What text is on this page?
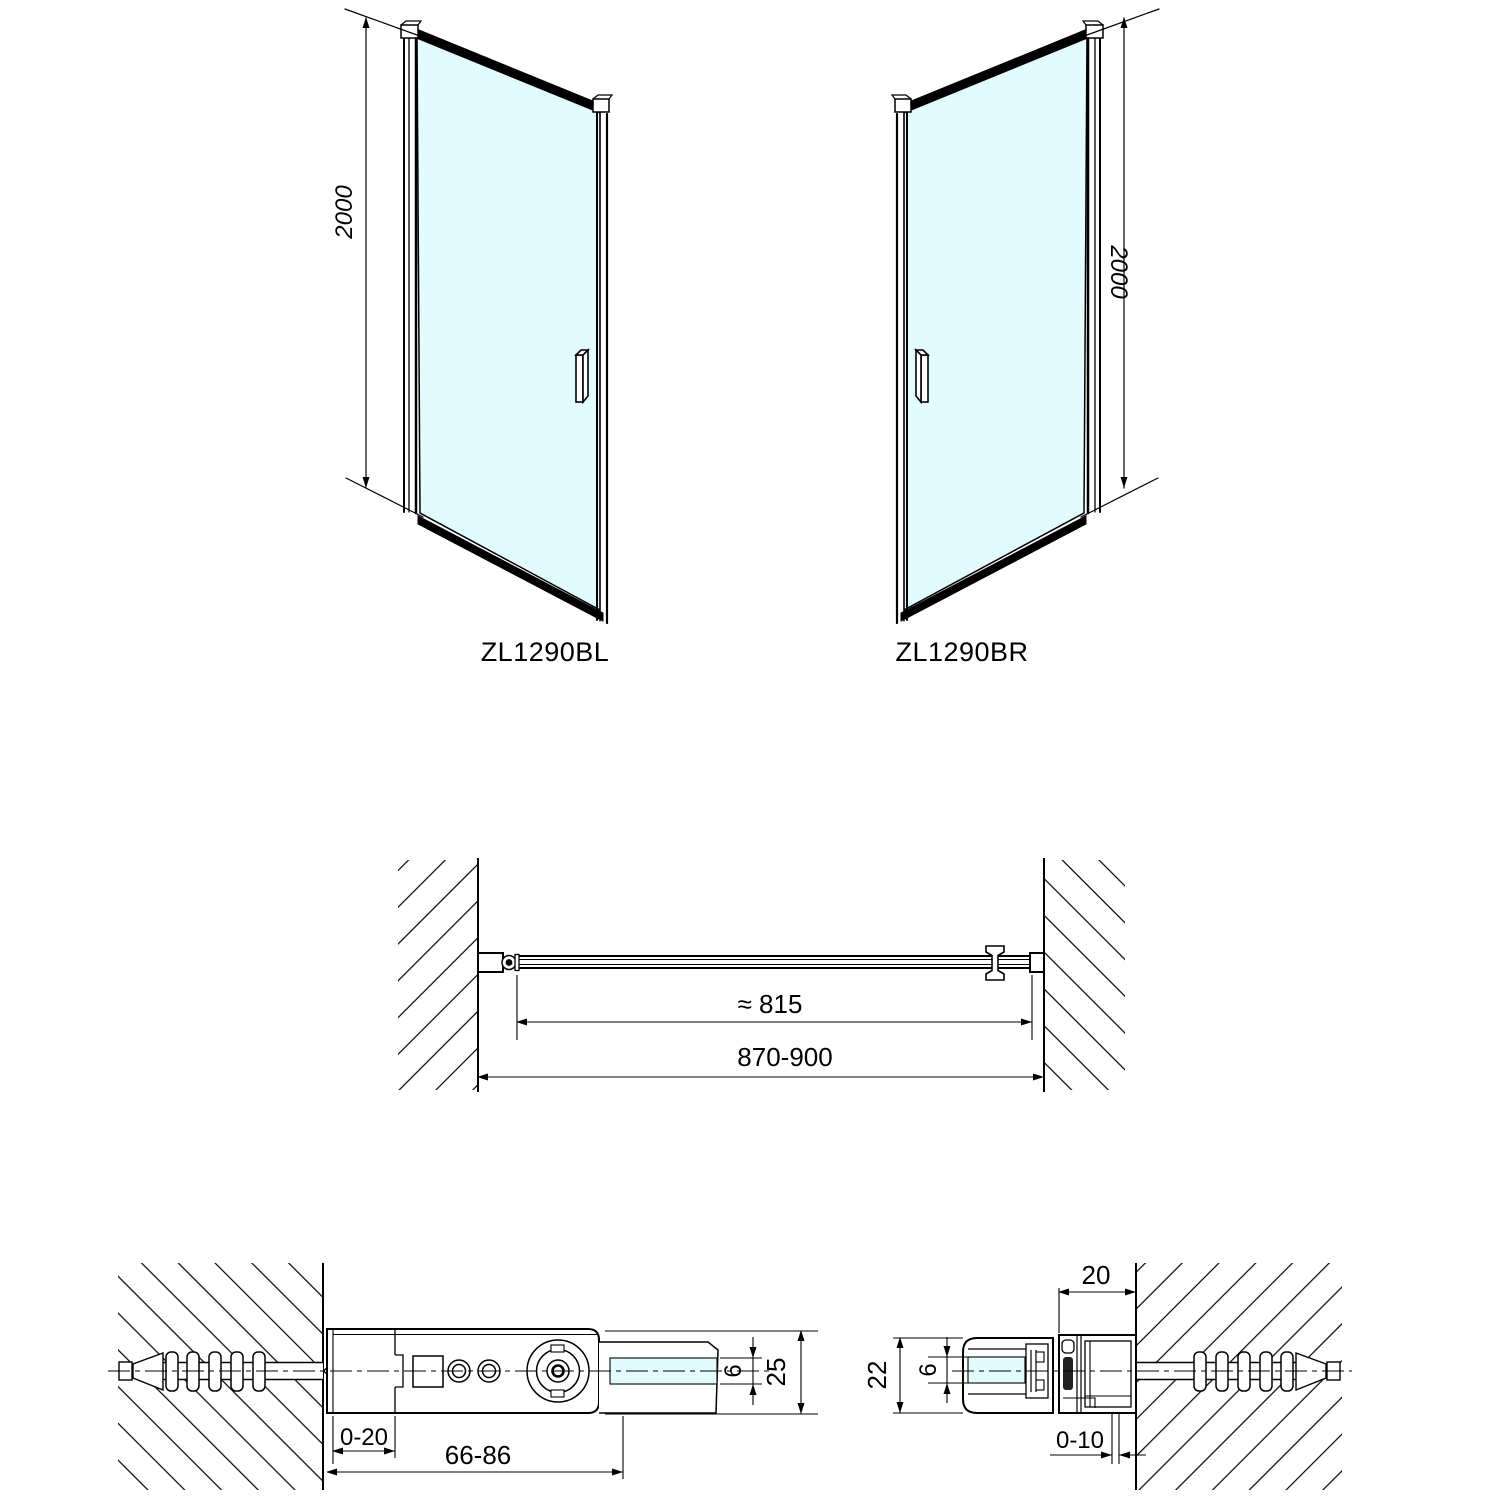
2000
ZL1290BL
2000
ZL1290BR
≈ 815
870-900
0-20
66-86
6 25
20
22 6
0-10
